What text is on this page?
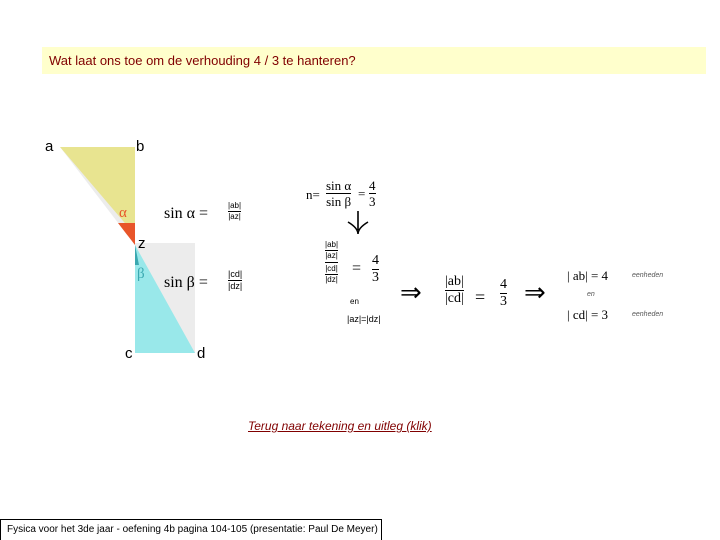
Wat laat ons toe om de verhouding 4 / 3 te hanteren?
a	b
z
c	d
α
β
sin α = |ab|
|az|
sin β = |cd|
|dz|
n=
sin α
sin β
=
4
3
$\frac{|ab|}{|az|}$
$\frac{|cd|}{|dz|} = 4$
3
en
|az|=|dz|
⇒ |ab|
|cd| =
4
3 ⇒
| ab| = 4	eenheden
en
| cd| = 3	eenheden
Terug naar tekening en uitleg (klik)
Fysica voor het 3de jaar - oefening 4b pagina 104-105 (presentatie: Paul De Meyer)
